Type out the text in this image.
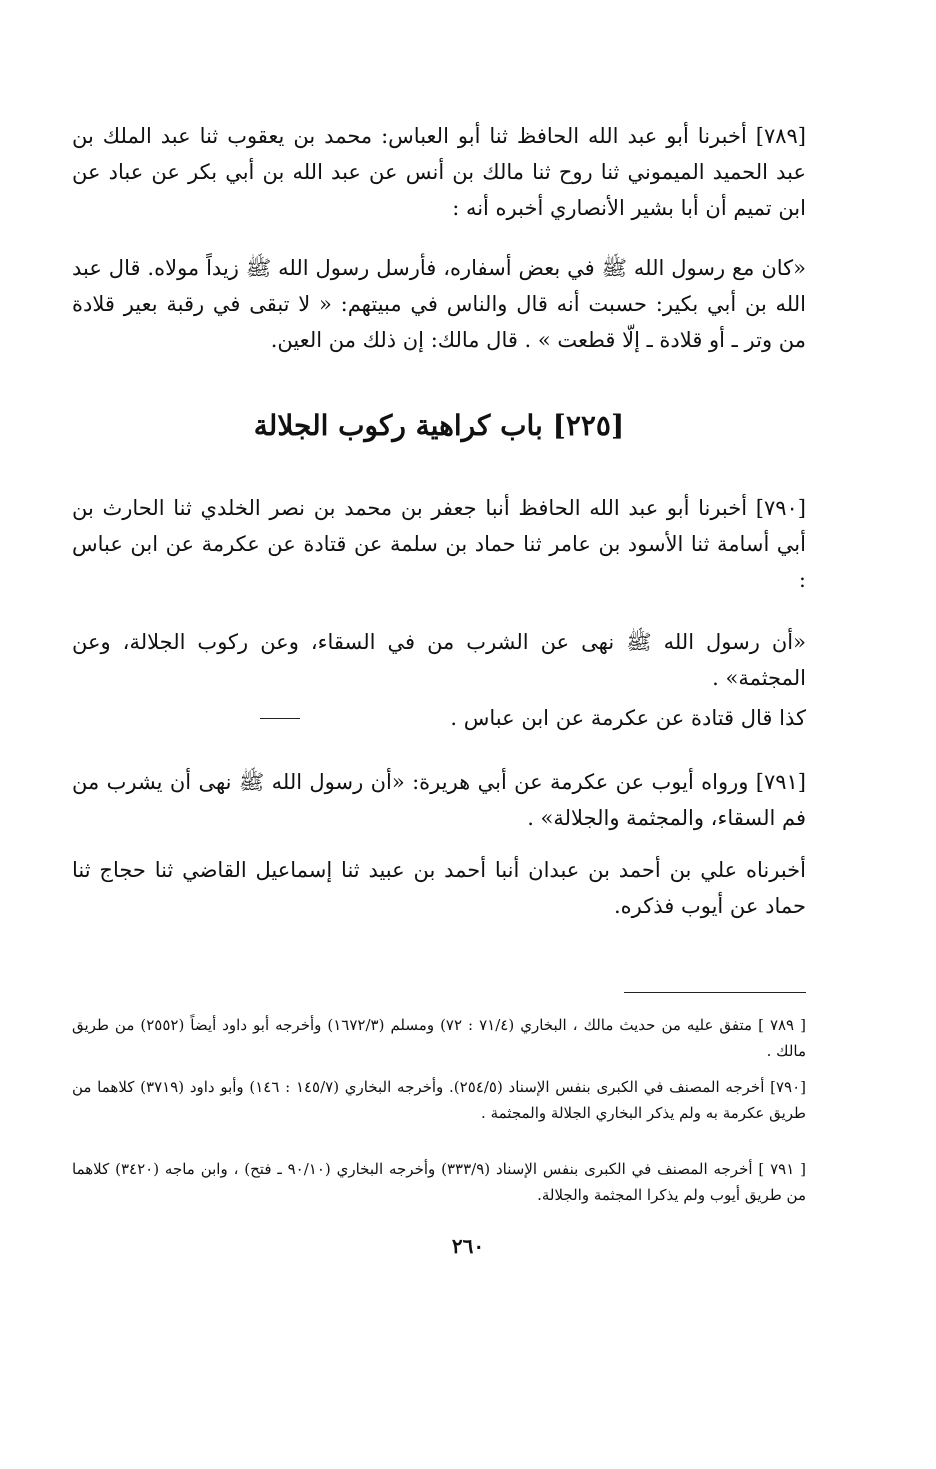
[٧٨٩] أخبرنا أبو عبد الله الحافظ ثنا أبو العباس: محمد بن يعقوب ثنا عبد الملك بن عبد الحميد الميموني ثنا روح ثنا مالك بن أنس عن عبد الله بن أبي بكر عن عباد عن ابن تميم أن أبا بشير الأنصاري أخبره أنه :
«كان مع رسول الله ﷺ في بعض أسفاره، فأرسل رسول الله ﷺ زيداً مولاه. قال عبد الله بن أبي بكير: حسبت أنه قال والناس في مبيتهم: « لا تبقى في رقبة بعير قلادة من وتر ـ أو قلادة ـ إلّا قطعت » . قال مالك: إن ذلك من العين.
[٢٢٥] باب كراهية ركوب الجلالة
[٧٩٠] أخبرنا أبو عبد الله الحافظ أنبا جعفر بن محمد بن نصر الخلدي ثنا الحارث بن أبي أسامة ثنا الأسود بن عامر ثنا حماد بن سلمة عن قتادة عن عكرمة عن ابن عباس :
«أن رسول الله ﷺ نهى عن الشرب من في السقاء، وعن ركوب الجلالة، وعن المجثمة» .
كذا قال قتادة عن عكرمة عن ابن عباس .
[٧٩١] ورواه أيوب عن عكرمة عن أبي هريرة: «أن رسول الله ﷺ نهى أن يشرب من فم السقاء، والمجثمة والجلالة» .
أخبرناه علي بن أحمد بن عبدان أنبا أحمد بن عبيد ثنا إسماعيل القاضي ثنا حجاج ثنا حماد عن أيوب فذكره.
[ ٧٨٩ ] متفق عليه من حديث مالك ، البخاري (٧١/٤ : ٧٢) ومسلم (١٦٧٢/٣) وأخرجه أبو داود أيضاً (٢٥٥٢) من طريق مالك .
[٧٩٠] أخرجه المصنف في الكبرى بنفس الإسناد (٢٥٤/٥). وأخرجه البخاري (١٤٥/٧ : ١٤٦) وأبو داود (٣٧١٩) كلاهما من طريق عكرمة به ولم يذكر البخاري الجلالة والمجثمة .
[ ٧٩١ ] أخرجه المصنف في الكبرى بنفس الإسناد (٣٣٣/٩) وأخرجه البخاري (٩٠/١٠ ـ فتح) ، وابن ماجه (٣٤٢٠) كلاهما من طريق أيوب ولم يذكرا المجثمة والجلالة.
٢٦٠
